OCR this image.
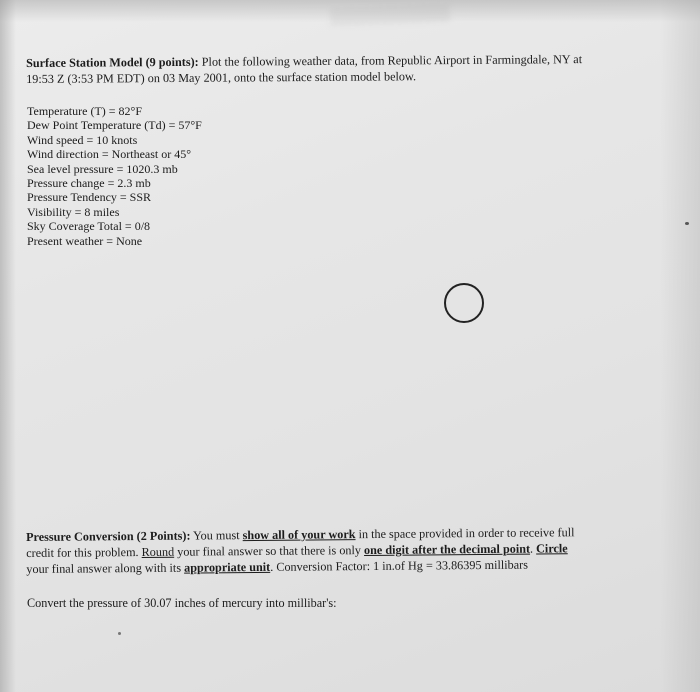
Surface Station Model (9 points): Plot the following weather data, from Republic Airport in Farmingdale, NY at
19:53 Z (3:53 PM EDT) on 03 May 2001, onto the surface station model below.

Temperature (T) = 82°F
Dew Point Temperature (Td) = 57°F
Wind speed = 10 knots
Wind direction = Northeast or 45°
Sea level pressure = 1020.3 mb
Pressure change = 2.3 mb
Pressure Tendency = SSR
Visibility = 8 miles
Sky Coverage Total = 0/8
Present weather = None

Pressure Conversion (2 Points): You must show all of your work in the space provided in order to receive full

credit for this problem. Round your final answer so that there is only one digit after the decimal point. Circle

your final answer along with its appropriate unit. Conversion Factor: 1 in.of Hg = 33.86395 millibars

Convert the pressure of 30.07 inches of mercury into millibar's:
